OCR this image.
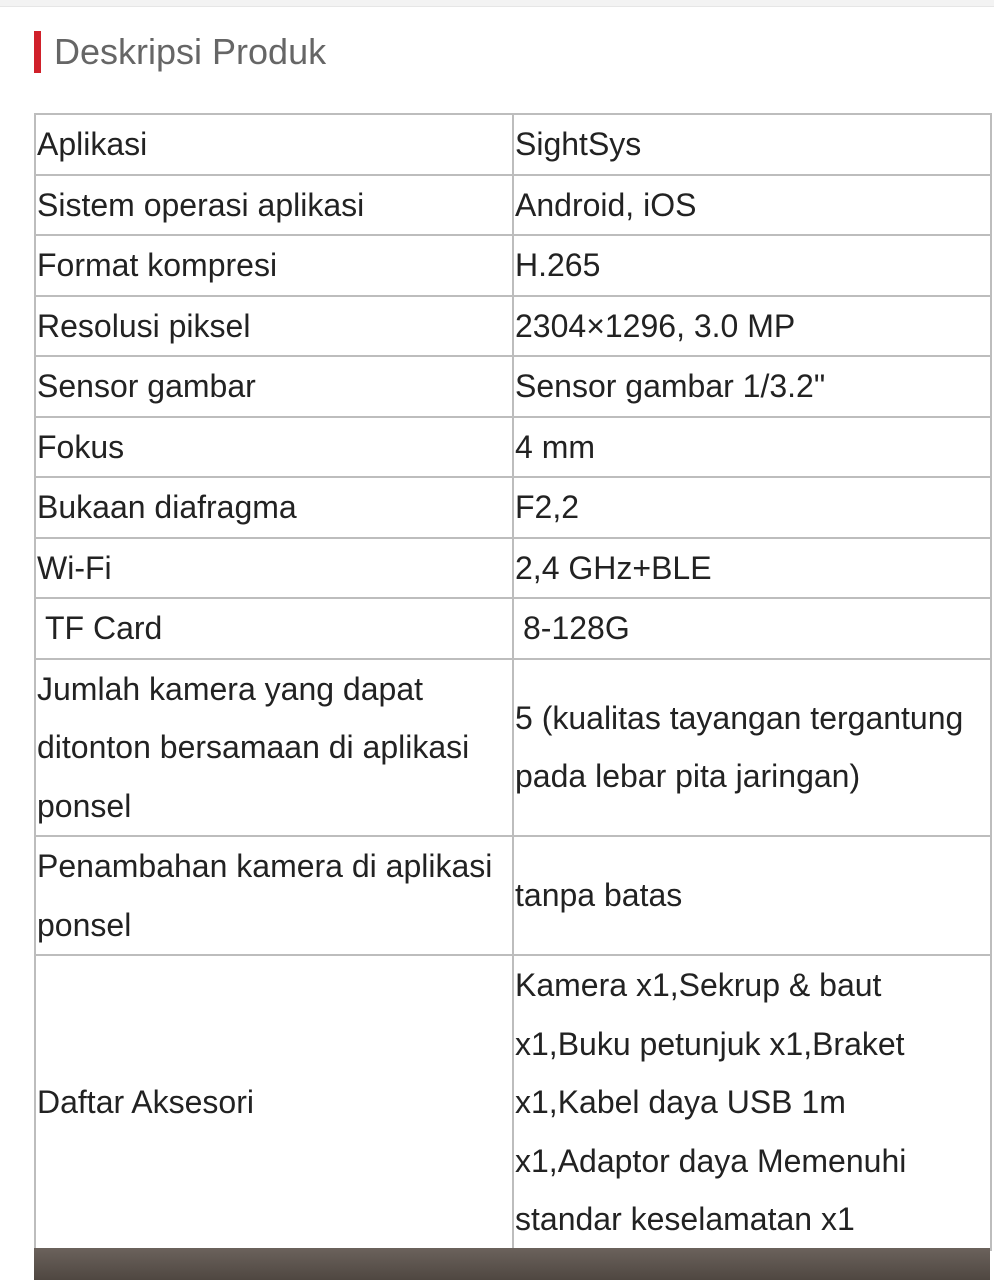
Deskripsi Produk
Aplikasi	SightSys
Sistem operasi aplikasi	Android, iOS
Format kompresi	H.265
Resolusi piksel	2304×1296, 3.0 MP
Sensor gambar	Sensor gambar 1/3.2"
Fokus	4 mm
Bukaan diafragma	F2,2
Wi-Fi	2,4 GHz+BLE
TF Card	8-128G
Jumlah kamera yang dapat ditonton bersamaan di aplikasi ponsel	5 (kualitas tayangan tergantung pada lebar pita jaringan)
Penambahan kamera di aplikasi ponsel	tanpa batas
Daftar Aksesori	Kamera x1,Sekrup & baut x1,Buku petunjuk x1,Braket x1,Kabel daya USB 1m x1,Adaptor daya Memenuhi standar keselamatan x1
